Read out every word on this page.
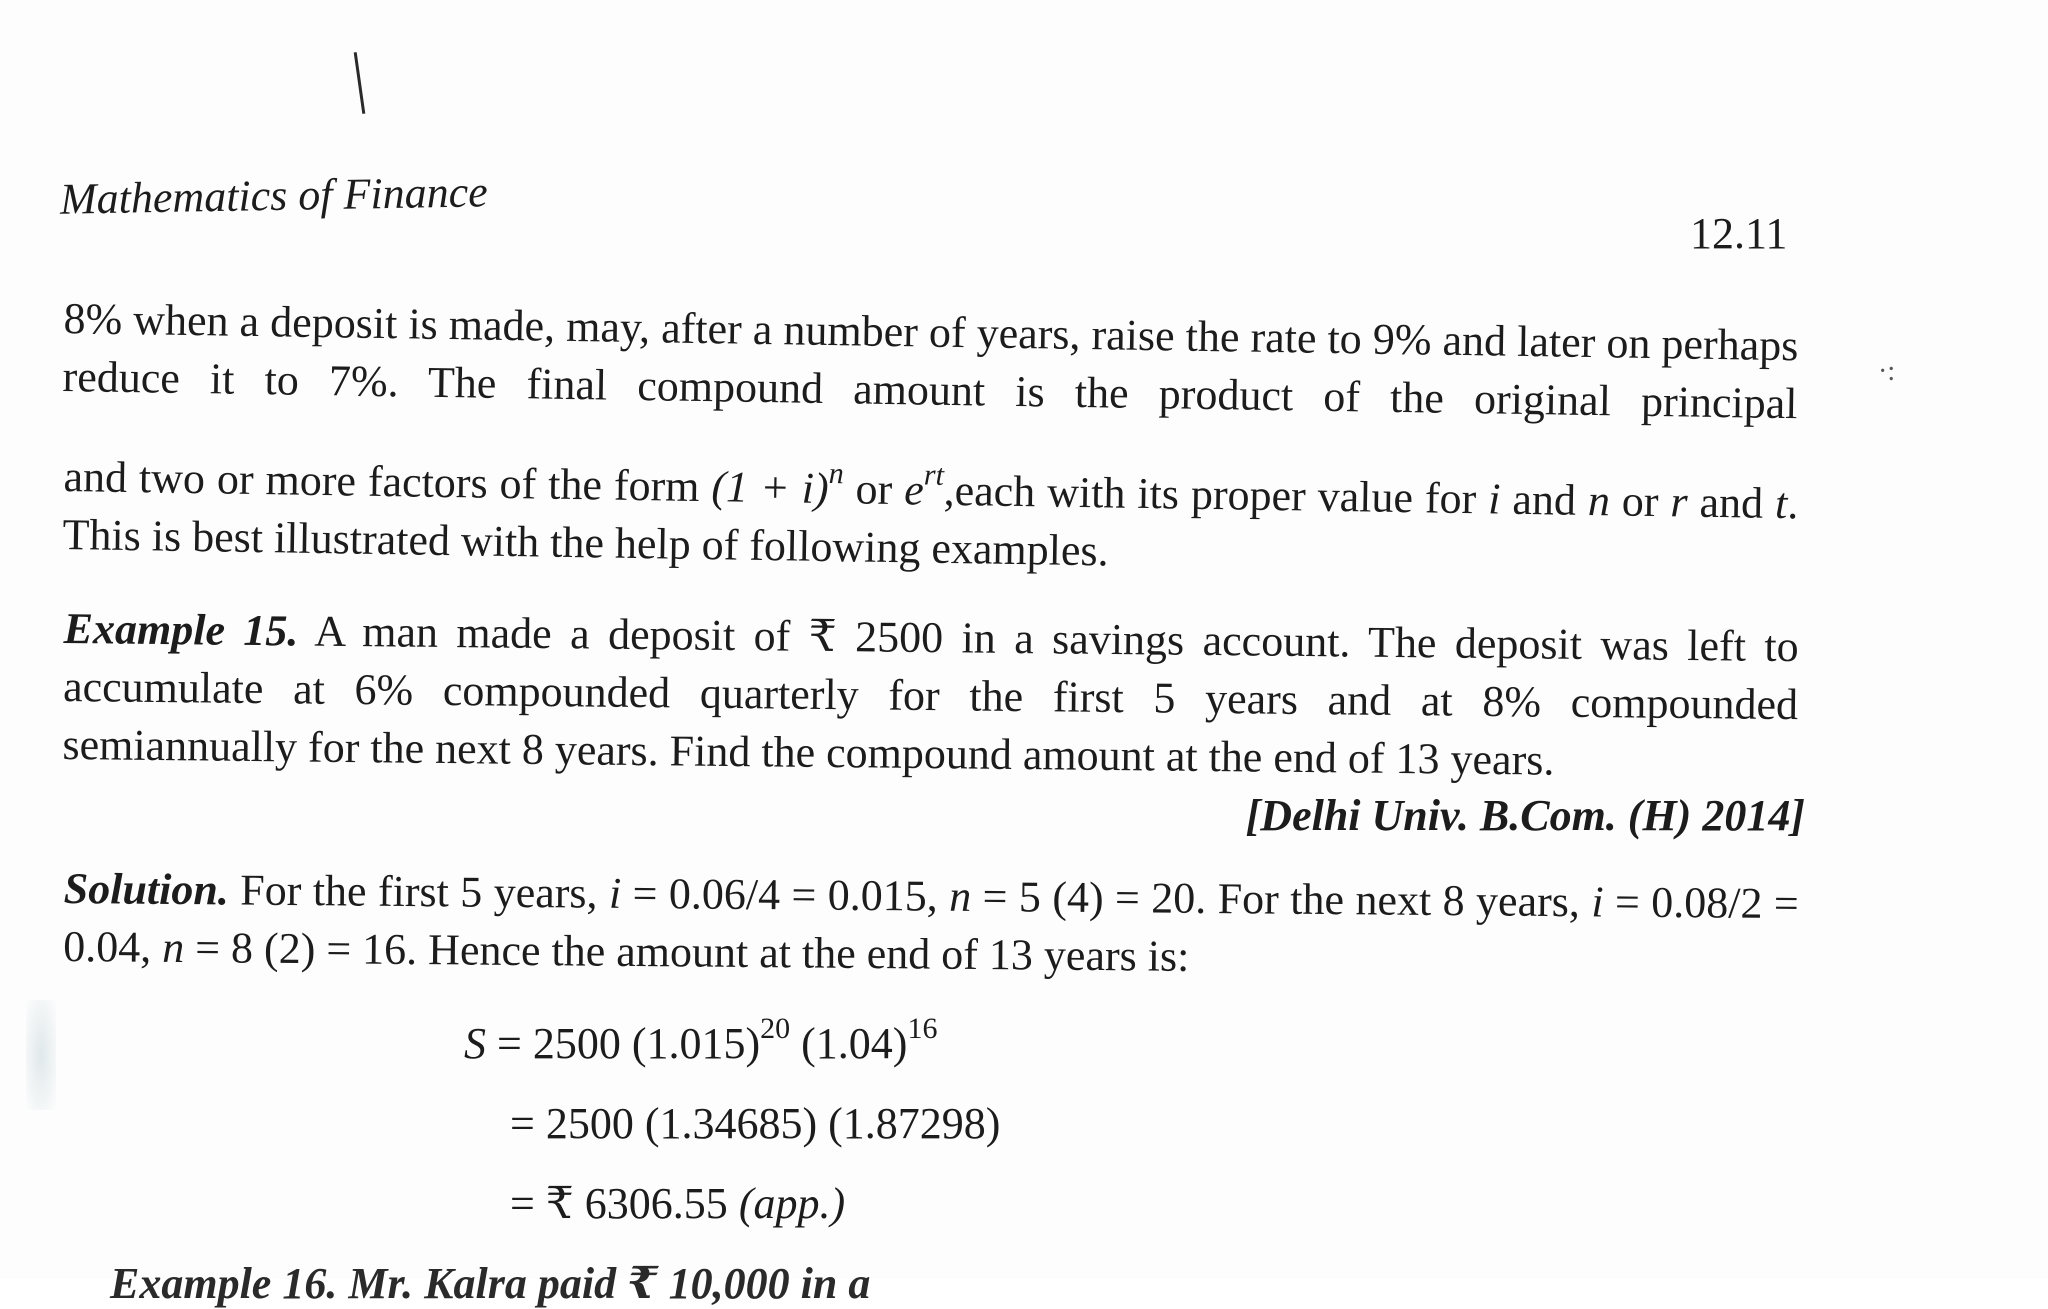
Mathematics of Finance
12.11
·:
8% when a deposit is made, may, after a number of years, raise the rate to 9% and later on perhaps reduce it to 7%. The final compound amount is the product of the original principal
and two or more factors of the form $(1 + i)^n$ or $e^{rt},each$ with its proper value for i and n or r and t. This is best illustrated with the help of following examples.
Example 15. A man made a deposit of ₹ 2500 in a savings account. The deposit was left to accumulate at 6% compounded quarterly for the first 5 years and at 8% compounded semiannually for the next 8 years. Find the compound amount at the end of 13 years.
[Delhi Univ. B.Com. (H) 2014]
Solution. For the first 5 years, i = 0.06/4 = 0.015, n = 5 (4) = 20. For the next 8 years, i = 0.08/2 = 0.04, n = 8 (2) = 16. Hence the amount at the end of 13 years is:
S = 2500 $(1.015)^{20}$ $(1.04)^{16}$
= 2500 (1.34685) (1.87298)
= ₹ 6306.55 (app.)
Example 16. Mr. Kalra paid ₹ 10,000 in a
